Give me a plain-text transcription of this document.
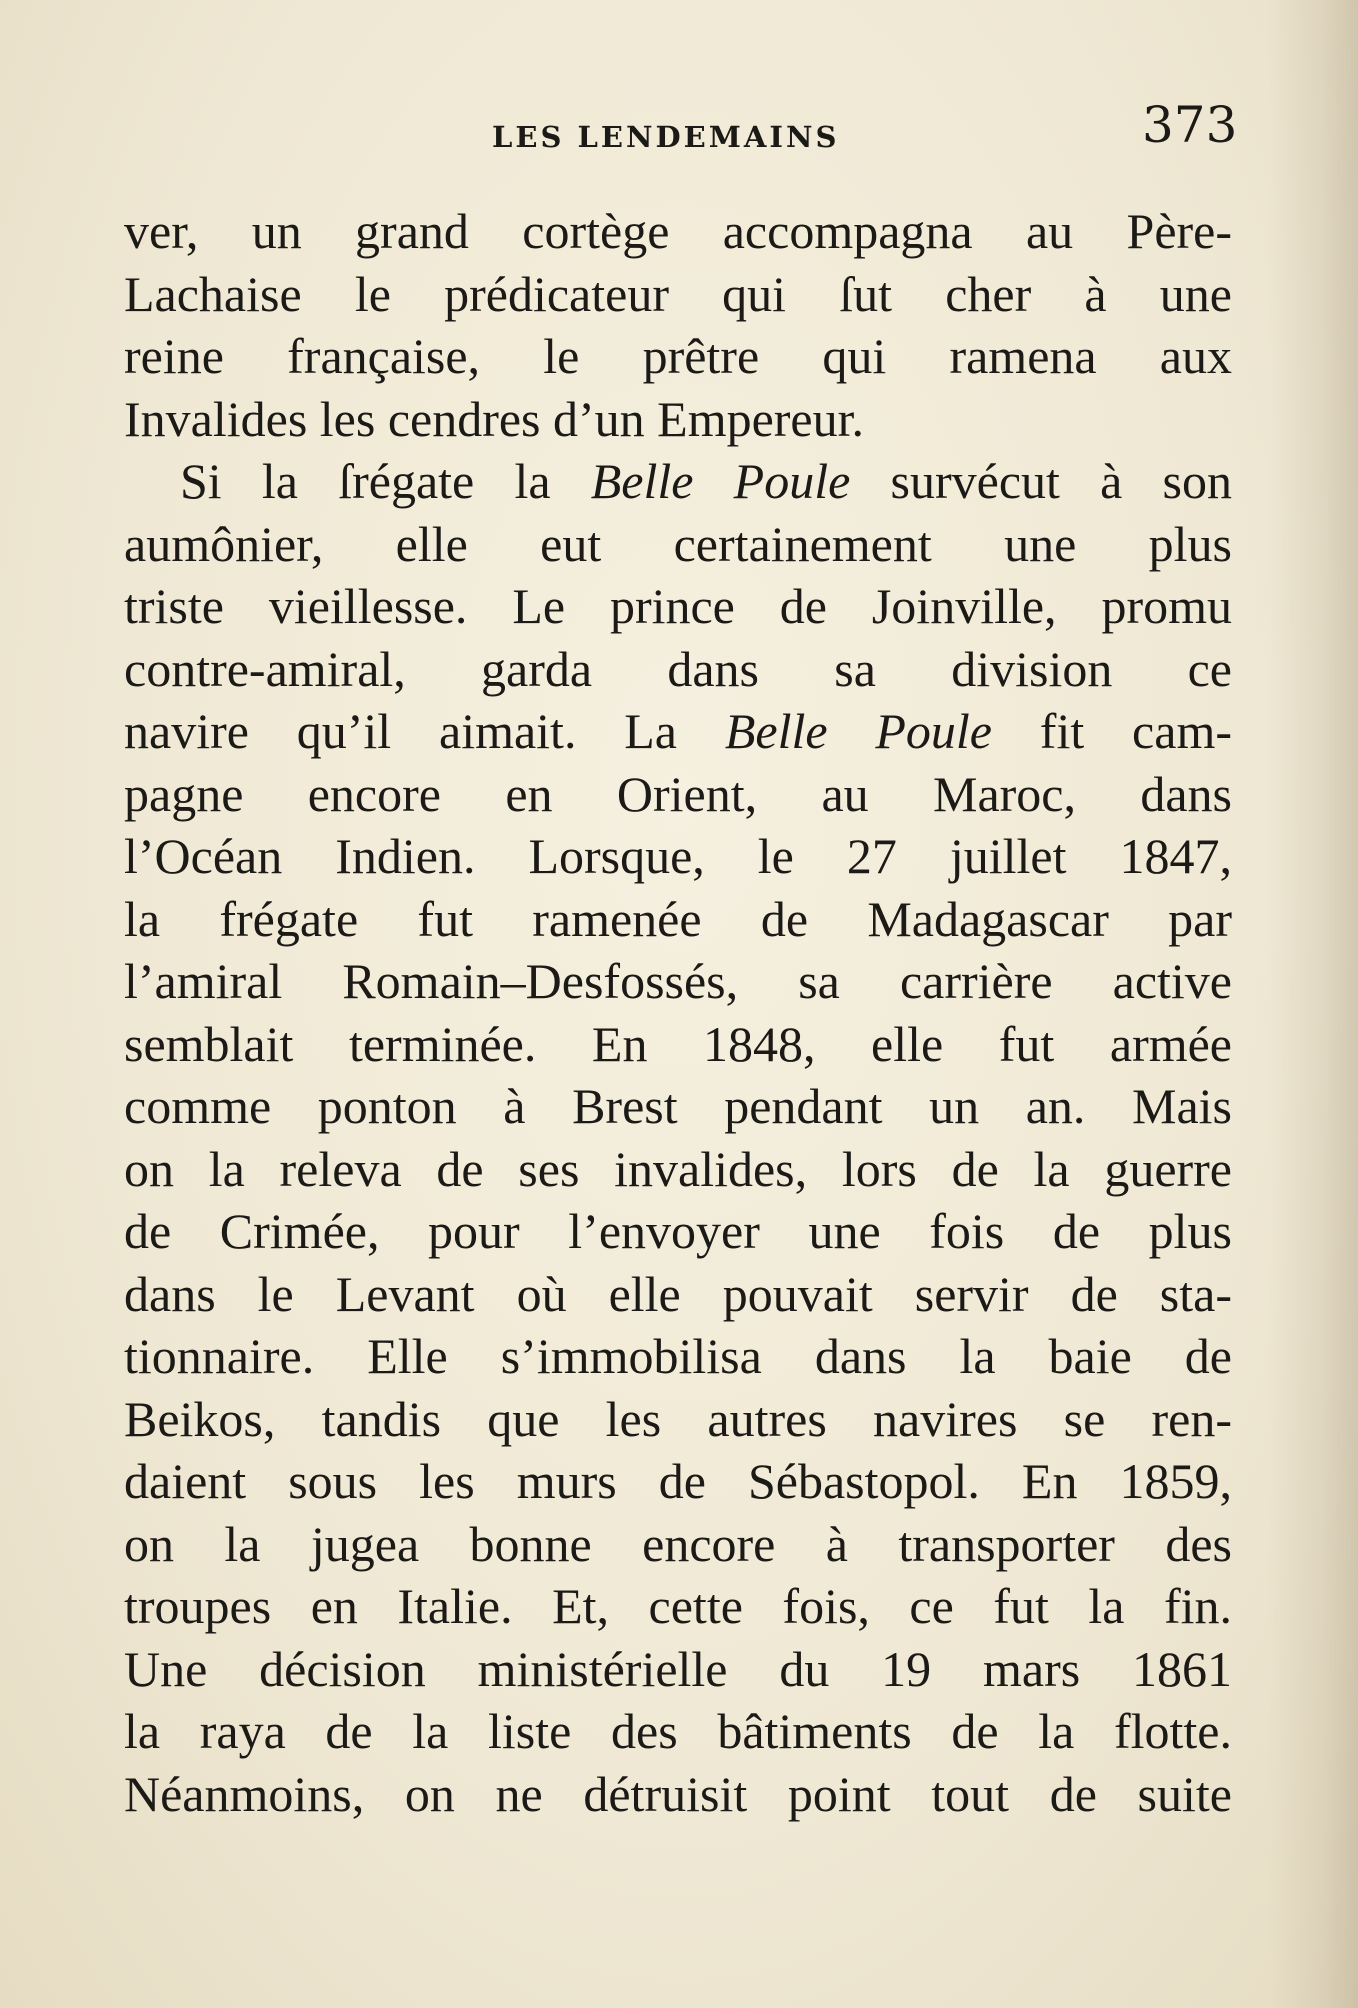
LES LENDEMAINS	373
ver, un grand cortège accompagna au Père-
Lachaise le prédicateur qui ſut cher à une
reine française, le prêtre qui ramena aux
Invalides les cendres d’un Empereur.
Si la ſrégate la Belle Poule survécut à son
aumônier, elle eut certainement une plus
triste vieillesse. Le prince de Joinville, promu
contre-amiral, garda dans sa division ce
navire qu’il aimait. La Belle Poule fit cam-
pagne encore en Orient, au Maroc, dans
l’Océan Indien. Lorsque, le 27 juillet 1847,
la frégate fut ramenée de Madagascar par
l’amiral Romain–Desfossés, sa carrière active
semblait terminée. En 1848, elle fut armée
comme ponton à Brest pendant un an. Mais
on la releva de ses invalides, lors de la guerre
de Crimée, pour l’envoyer une fois de plus
dans le Levant où elle pouvait servir de sta-
tionnaire. Elle s’immobilisa dans la baie de
Beikos, tandis que les autres navires se ren-
daient sous les murs de Sébastopol. En 1859,
on la jugea bonne encore à transporter des
troupes en Italie. Et, cette fois, ce fut la fin.
Une décision ministérielle du 19 mars 1861
la raya de la liste des bâtiments de la flotte.
Néanmoins, on ne détruisit point tout de suite
